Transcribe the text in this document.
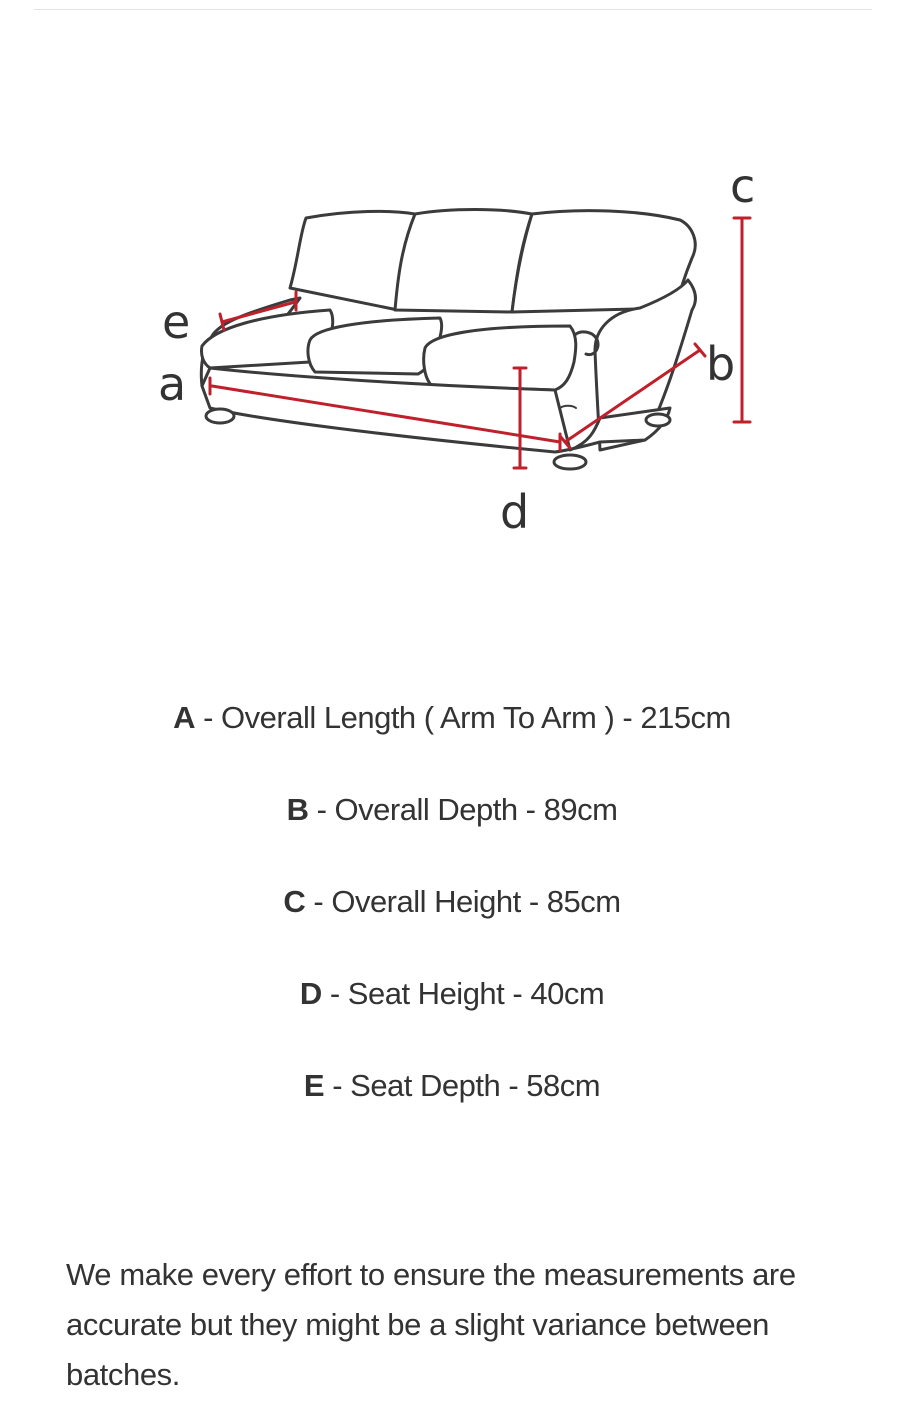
c
b
e
a
d
A - Overall Length ( Arm To Arm ) - 215cm
B - Overall Depth - 89cm
C - Overall Height - 85cm
D - Seat Height - 40cm
E - Seat Depth - 58cm

We make every effort to ensure the measurements are accurate but they might be a slight variance between batches.
